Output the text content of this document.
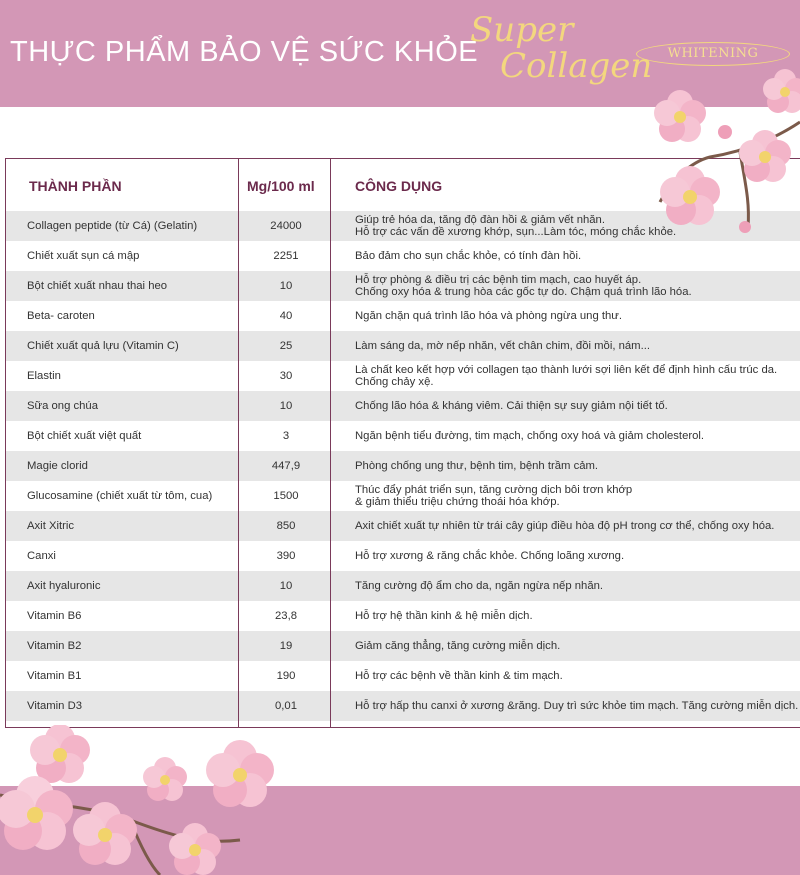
THỰC PHẨM BẢO VỆ SỨC KHỎE
Super
Collagen	WHITENING
THÀNH PHẦN	Mg/100 ml	CÔNG DỤNG
Collagen peptide (từ Cá) (Gelatin)	24000	Giúp trẻ hóa da, tăng độ đàn hồi & giảm vết nhăn.
Hỗ trợ các vấn đề xương khớp, sụn...Làm tóc, móng chắc khỏe.
Chiết xuất sụn cá mập	2251	Bảo đảm cho sụn chắc khỏe, có tính đàn hồi.
Bột chiết xuất nhau thai heo	10	Hỗ trợ phòng & điều trị các bệnh tim mạch, cao huyết áp.
Chống oxy hóa & trung hòa các gốc tự do. Chậm quá trình lão hóa.
Beta- caroten	40	Ngăn chặn quá trình lão hóa và phòng ngừa ung thư.
Chiết xuất quả lựu (Vitamin C)	25	Làm sáng da, mờ nếp nhăn, vết chân chim, đồi mồi, nám...
Elastin	30	Là chất keo kết hợp với collagen tạo thành lưới sợi liên kết để định hình cấu trúc da.
Chống chảy xệ.
Sữa ong chúa	10	Chống lão hóa & kháng viêm. Cải thiện sự suy giảm nội tiết tố.
Bột chiết xuất việt quất	3	Ngăn bệnh tiểu đường, tim mạch, chống oxy hoá và giảm cholesterol.
Magie clorid	447,9	Phòng chống ung thư, bệnh tim, bệnh trầm cảm.
Glucosamine (chiết xuất từ tôm, cua)	1500	Thúc đẩy phát triển sụn, tăng cường dịch bôi trơn khớp
& giảm thiểu triệu chứng thoái hóa khớp.
Axit Xitric	850	Axit chiết xuất tự nhiên từ trái cây giúp điều hòa độ pH trong cơ thể, chống oxy hóa.
Canxi	390	Hỗ trợ xương & răng chắc khỏe. Chống loãng xương.
Axit hyaluronic	10	Tăng cường độ ẩm cho da, ngăn ngừa nếp nhăn.
Vitamin B6	23,8	Hỗ trợ hệ thần kinh & hệ miễn dịch.
Vitamin B2	19	Giảm căng thẳng, tăng cường miễn dịch.
Vitamin B1	190	Hỗ trợ các bệnh về thần kinh & tim mạch.
Vitamin D3	0,01	Hỗ trợ hấp thu canxi ở xương &răng. Duy trì sức khỏe tim mạch. Tăng cường miễn dịch.
